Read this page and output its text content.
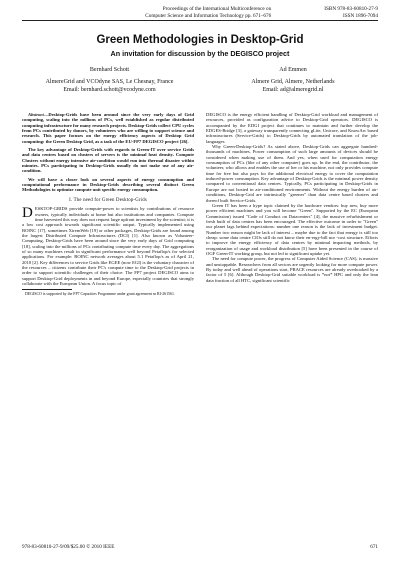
Proceedings of the International Multiconference on
Computer Science and Information Technology pp. 671–676
ISBN 978-83-60810-27-9
ISSN 1896-7094
Green Methodologies in Desktop-Grid
An invitation for discussion by the DEGISCO project
Bernhard Schott
AlmereGrid and VCOdyne SAS, Le Chesnay, France
Email: bernhard.schott@vcodyne.com
Ad Emmen
Almere Grid, Almere, Netherlands
Email: ad@almeregrid.nl

Abstract—Desktop-Grids have been around since the very early days of Grid computing, scaling into the millions of PCs, well established as regular distributed computing infrastructure for many research projects. Desktop-Grids collect CPU cycles from PCs contributed by donors, by volunteers who are willing to support science and research. This paper focuses on the energy efficiency aspects of Desktop Grid computing: the Green Desktop Grid, as a task of the EU-FP7 DEGISCO project [26].

The key advantage of Desktop-Grids with regards to Green-IT over service Grids and data centres based on clusters of servers is the minimal heat density. Compute Clusters without energy intensive air-condition would run into thermal disaster within minutes. PCs participating in Desktop-Grids usually do not make use of any air-condition.

We will have a closer look on several aspects of energy consumption and computational performance in Desktop-Grids describing several distinct Green Methodologies to optimize compute unit specific energy consumption.

I. The need for Green Desktop-Grids

DESKTOP-GRIDS provide compute-power to scientists by contributions of resource owners, typically individuals at home but also institutions and companies. Compute time harvested this way does not request large upfront investment by the scientist; it is a low cost approach towards significant scientific output. Typically implemented using BOINC [17], sometimes XtremWeb [19] or other packages, Desktop-Grids are found among the largest Distributed Compute Infrastructures (DCI) [1]. Also known as Volunteer-Computing, Desktop-Grids have been around since the very early days of Grid computing [18], scaling into the millions of PCs contributing compute time every day. The aggregations of so many machines result in significant performance well beyond Petaflop/s for selected applications. For example: BOINC network averages about 5.1 Petaflop/s as of April 21, 2010 [2]. Key differences to service Grids like EGEE (now EGI) is the voluntary character of the resources – citizens contribute their PC's compute time to the Desktop-Grid projects in order to support scientific challenges of their choice. The FP7 project DEGISCO aims to support Desktop-Grid deployments in and beyond Europe, especially countries that strongly collaborate with the European Union. A focus topic of

DEGISCO is supported by the FP7 Capacities Programme under grant agreement nr RI-261561.

DEGISCO is the energy efficient handling of Desktop-Grid workload and management of resources, provided as configuration advice to Desktop-Grid operators. DEGISCO is accompanied by the EDGI project that continues to maintain and further develop the EDGES-Bridge [3], a gateway transparently connecting gLite, Unicore, and KnowArc based infrastructures (Service-Grids) to Desktop-Grids by automated translation of the job-languages.

Why Green-Desktop-Grids? As stated above, Desktop-Grids can aggregate hundred-thousands of machines. Power consumption of such large amounts of devices should be considered when making use of them. And yes, when used for computation energy consumption of PCs (like of any other computer) goes up. In the end, the contributor, the volunteer, who allows and enables the use of her or his machine, not only provides compute time for free but also pays for the additional electrical energy to cover the computation induced-power consumption. Key advantage of Desktop-Grids is the minimal power density compared to conventional data centres. Typically, PCs participating in Desktop-Grids in Europe are not hosted in air-conditioned environments. Without the energy burden of air-conditions, Desktop-Grid are intrinsically "greener" than data centre based clusters and thereof built Service-Grids.

Green IT has been a hype topic claimed by the hardware vendors: buy new, buy more power efficient machines and you will become "Green". Supported by the EC (European Commission) issued "Code of Conduct on Datacenters" [4], the massive refurbishment or fresh built of data centres has been encouraged. The effective outcome in order to "Green" our planet lags behind expectations: number one reason is the lack of investment budget. Number two reason might be lack of interest – maybe due to the fact that energy is still too cheap: some data centre CIOs still do not know their en-ergy-bill nor -cost structure. Efforts to improve the energy efficiency of data centres by minimal impacting methods, by reorganization of usage and workload distribution [5] have been presented in the course of OGF Green-IT working group, but not led to significant uptake yet.

The need for compute power, the progress of Computer Aided Science (CAS), is massive and unstoppable. Researchers from all sectors are urgently looking for more compute power. By today and well ahead of operations start, PRACE resources are already overbooked by a factor of 5 [6]. Although Desktop-Grid suitable workload is *not* HPC and only the lean data fraction of all HTC, significant scientific

978-83-60810-27-9/09/$25.00 © 2010 IEEE	671
